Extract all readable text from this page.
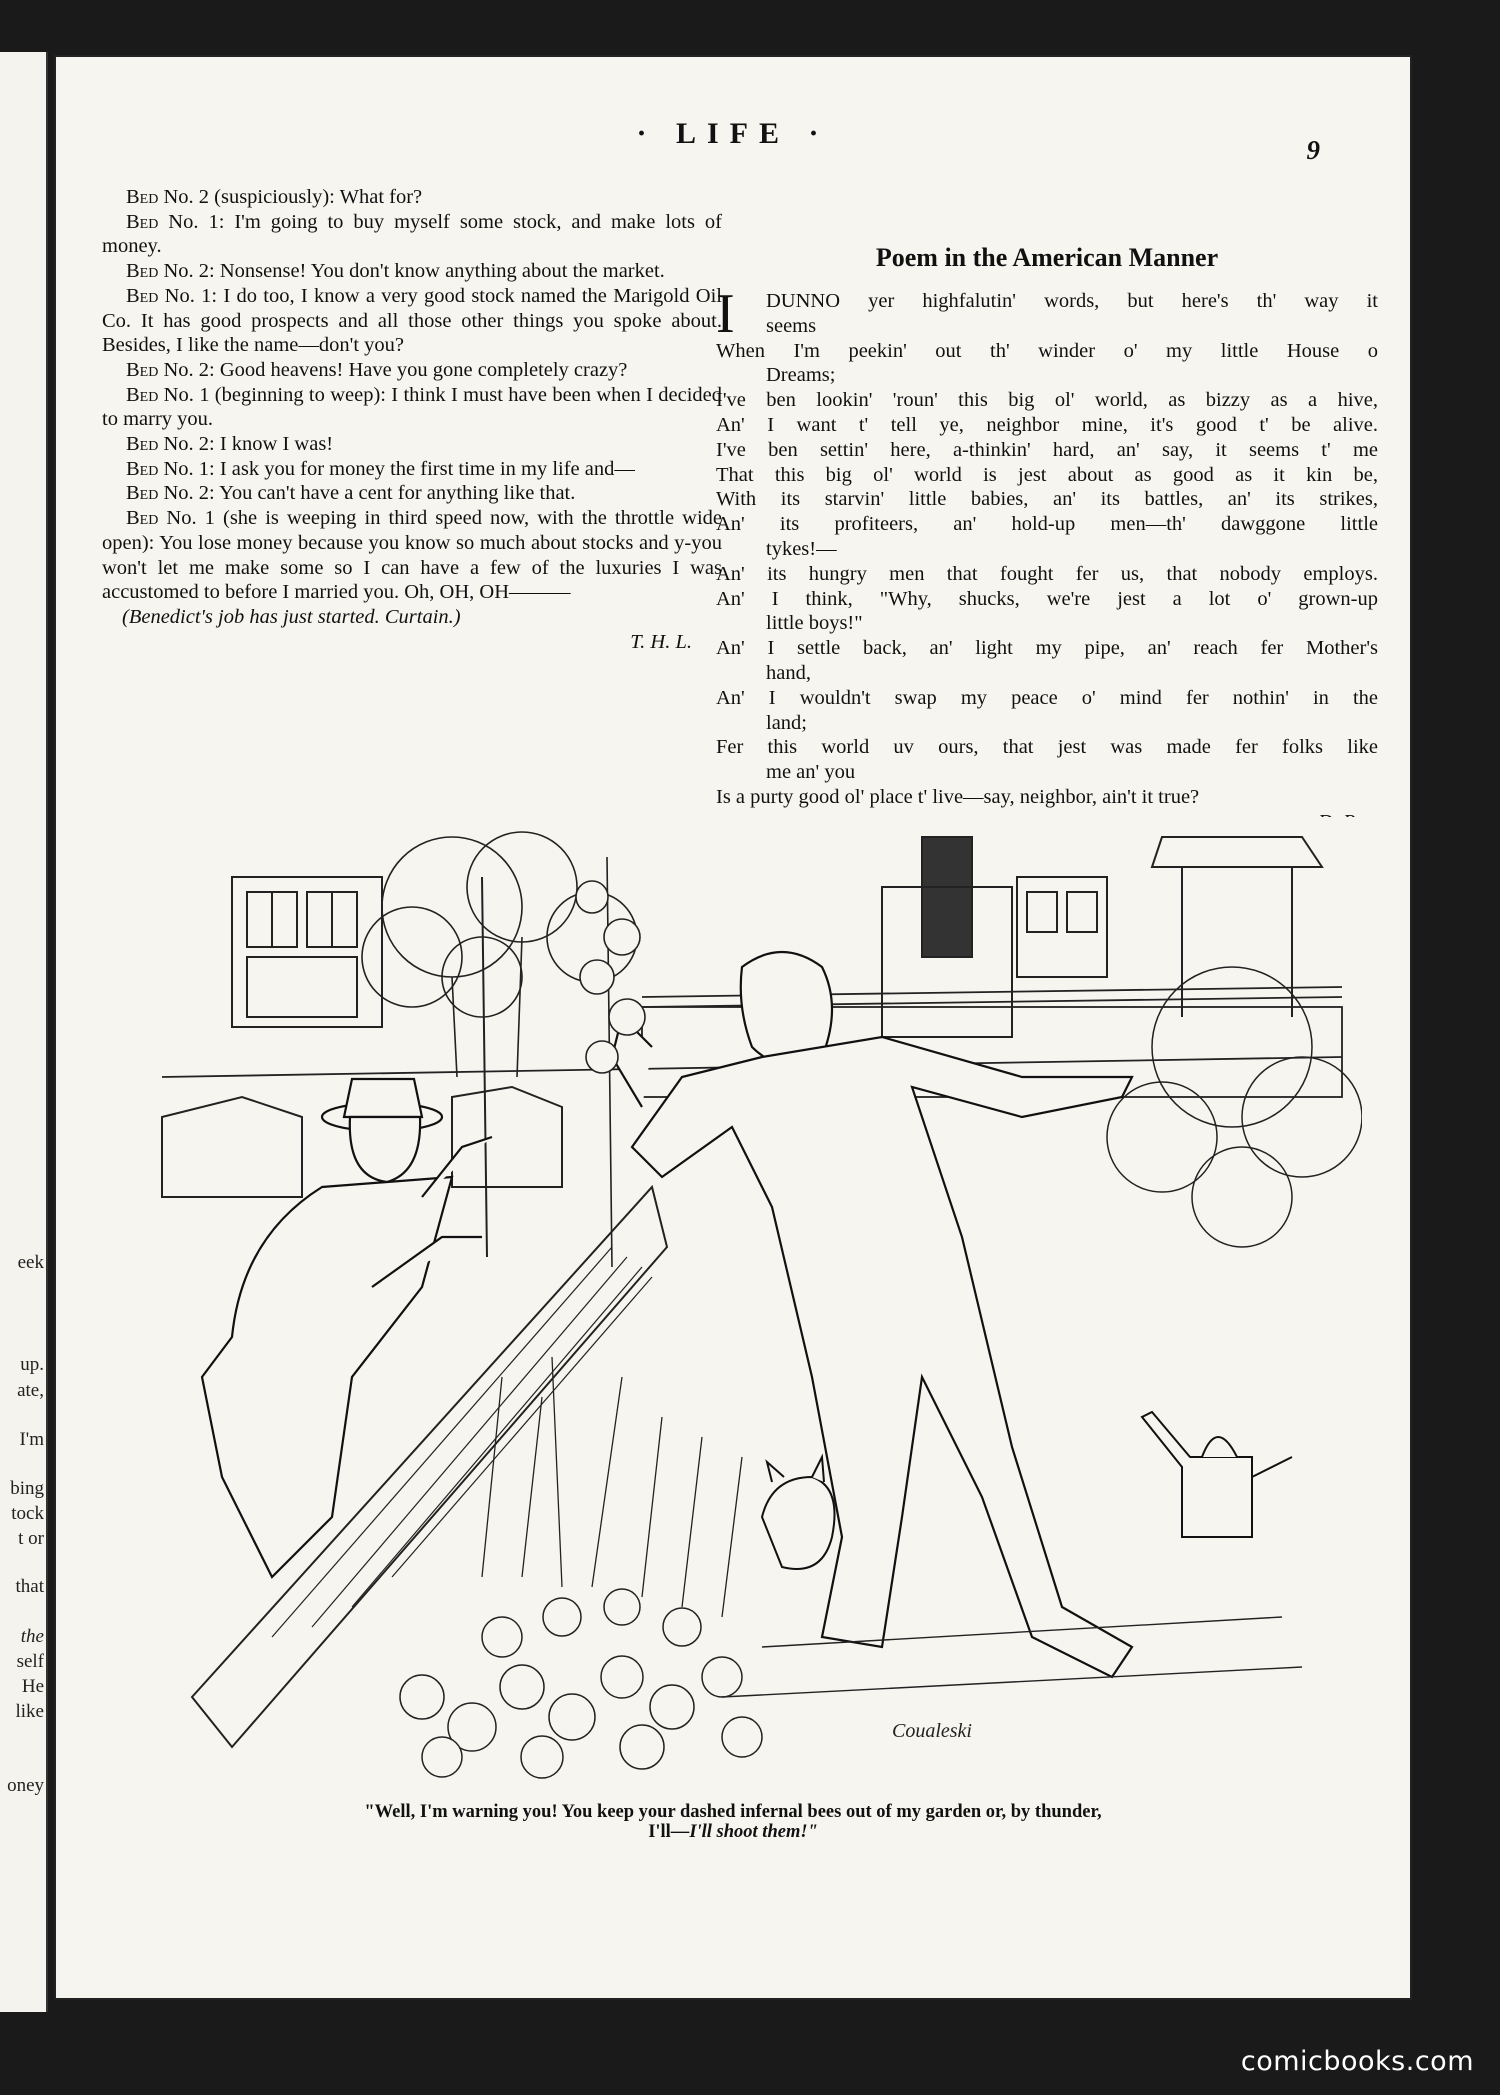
eek
up.
ate,
I'm
bing
tock
t or
that
the
self
He
like
oney
· LIFE ·	9

Bed No. 2 (suspiciously): What for?

Bed No. 1: I'm going to buy myself some stock, and make lots of money.

Bed No. 2: Nonsense! You don't know anything about the market.

Bed No. 1: I do too, I know a very good stock named the Marigold Oil Co. It has good prospects and all those other things you spoke about. Besides, I like the name—don't you?

Bed No. 2: Good heavens! Have you gone completely crazy?

Bed No. 1 (beginning to weep): I think I must have been when I decided to marry you.

Bed No. 2: I know I was!

Bed No. 1: I ask you for money the first time in my life and—

Bed No. 2: You can't have a cent for anything like that.

Bed No. 1 (she is weeping in third speed now, with the throttle wide open): You lose money because you know so much about stocks and y-you won't let me make some so I can have a few of the luxuries I was accustomed to before I married you. Oh, OH, OH———

(Benedict's job has just started. Curtain.)

T. H. L.

Poem in the American Manner
I DUNNO yer highfalutin' words, but here's th' way it
seems
When I'm peekin' out th' winder o' my little House o
Dreams;
I've ben lookin' 'roun' this big ol' world, as bizzy as a hive,
An' I want t' tell ye, neighbor mine, it's good t' be alive.
I've ben settin' here, a-thinkin' hard, an' say, it seems t' me
That this big ol' world is jest about as good as it kin be,
With its starvin' little babies, an' its battles, an' its strikes,
An' its profiteers, an' hold-up men—th' dawggone little
tykes!—
An' its hungry men that fought fer us, that nobody employs.
An' I think, "Why, shucks, we're jest a lot o' grown-up
little boys!"
An' I settle back, an' light my pipe, an' reach fer Mother's
hand,
An' I wouldn't swap my peace o' mind fer nothin' in the
land;
Fer this world uv ours, that jest was made fer folks like
me an' you
Is a purty good ol' place t' live—say, neighbor, ain't it true?
Coualeski
"Well, I'm warning you! You keep your dashed infernal bees out of my garden or, by thunder,
I'll—I'll shoot them!"
comicbooks.com
